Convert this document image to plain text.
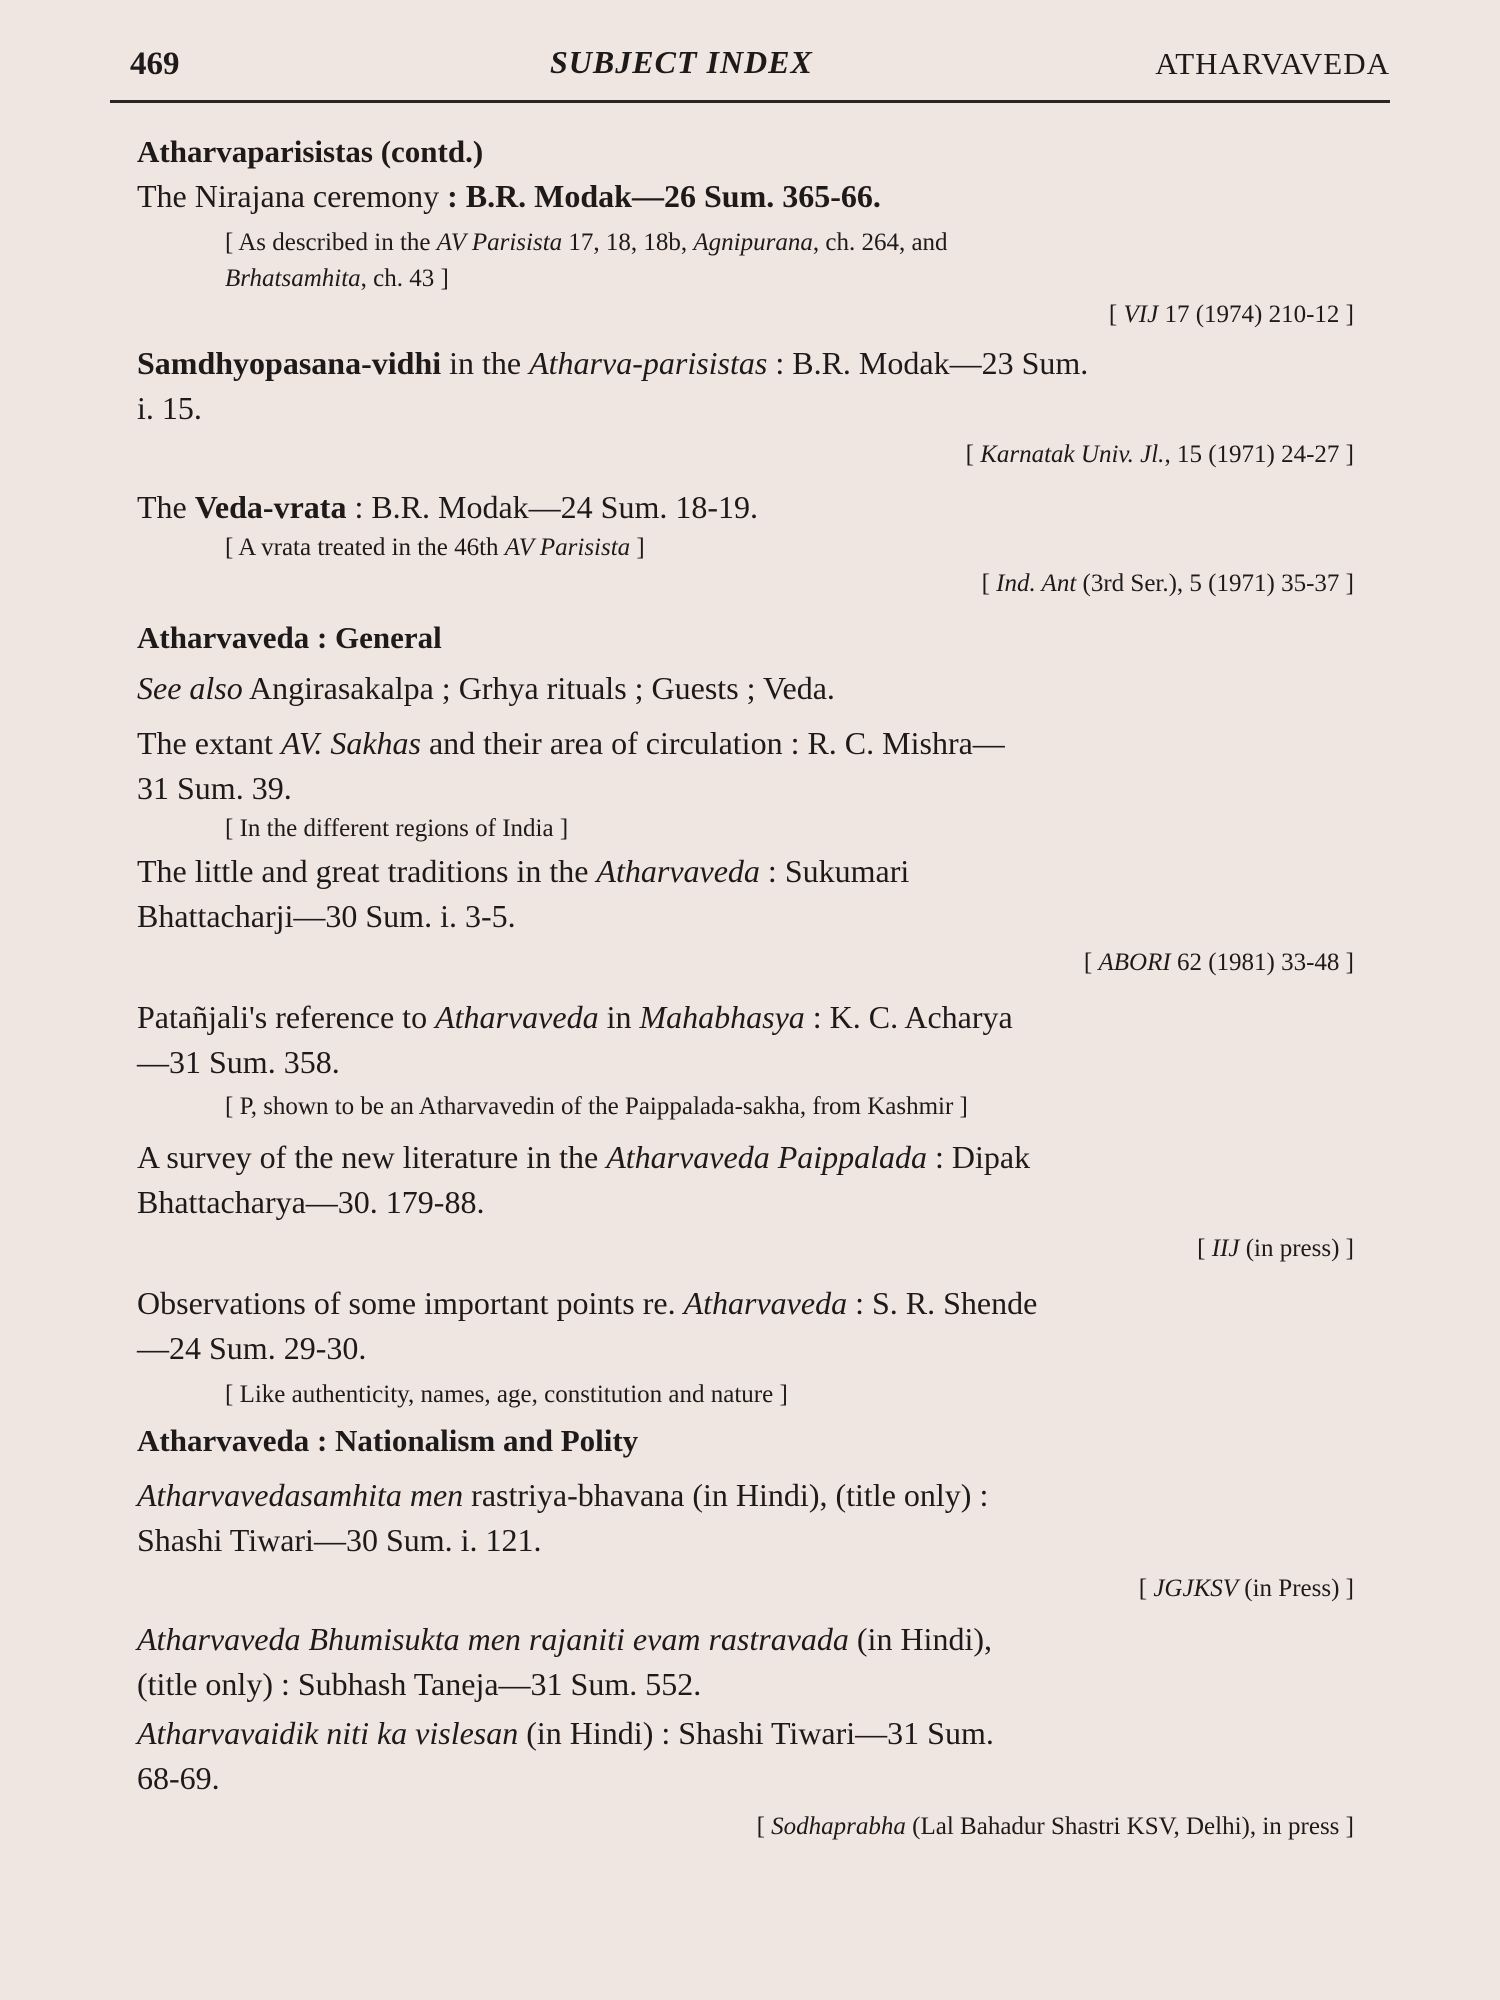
469	SUBJECT INDEX	ATHARVAVEDA

Atharvaparisistas (contd.)

The Nirajana ceremony : B.R. Modak—26 Sum. 365-66.

[ As described in the AV Parisista 17, 18, 18b, Agnipurana, ch. 264, and
Brhatsamhita, ch. 43 ]

[ VIJ 17 (1974) 210-12 ]

Samdhyopasana-vidhi in the Atharva-parisistas : B.R. Modak—23 Sum.
i. 15.

[ Karnatak Univ. Jl., 15 (1971) 24-27 ]

The Veda-vrata : B.R. Modak—24 Sum. 18-19.

[ A vrata treated in the 46th AV Parisista ]

[ Ind. Ant (3rd Ser.), 5 (1971) 35-37 ]

Atharvaveda : General

See also Angirasakalpa ; Grhya rituals ; Guests ; Veda.

The extant AV. Sakhas and their area of circulation : R. C. Mishra—
31 Sum. 39.

[ In the different regions of India ]

The little and great traditions in the Atharvaveda : Sukumari
Bhattacharji—30 Sum. i. 3-5.

[ ABORI 62 (1981) 33-48 ]

Patañjali's reference to Atharvaveda in Mahabhasya : K. C. Acharya
—31 Sum. 358.

[ P, shown to be an Atharvavedin of the Paippalada-sakha, from Kashmir ]

A survey of the new literature in the Atharvaveda Paippalada : Dipak
Bhattacharya—30. 179-88.

[ IIJ (in press) ]

Observations of some important points re. Atharvaveda : S. R. Shende
—24 Sum. 29-30.

[ Like authenticity, names, age, constitution and nature ]

Atharvaveda : Nationalism and Polity

Atharvavedasamhita men rastriya-bhavana (in Hindi), (title only) :
Shashi Tiwari—30 Sum. i. 121.

[ JGJKSV (in Press) ]

Atharvaveda Bhumisukta men rajaniti evam rastravada (in Hindi),
(title only) : Subhash Taneja—31 Sum. 552.

Atharvavaidik niti ka vislesan (in Hindi) : Shashi Tiwari—31 Sum.
68-69.

[ Sodhaprabha (Lal Bahadur Shastri KSV, Delhi), in press ]
